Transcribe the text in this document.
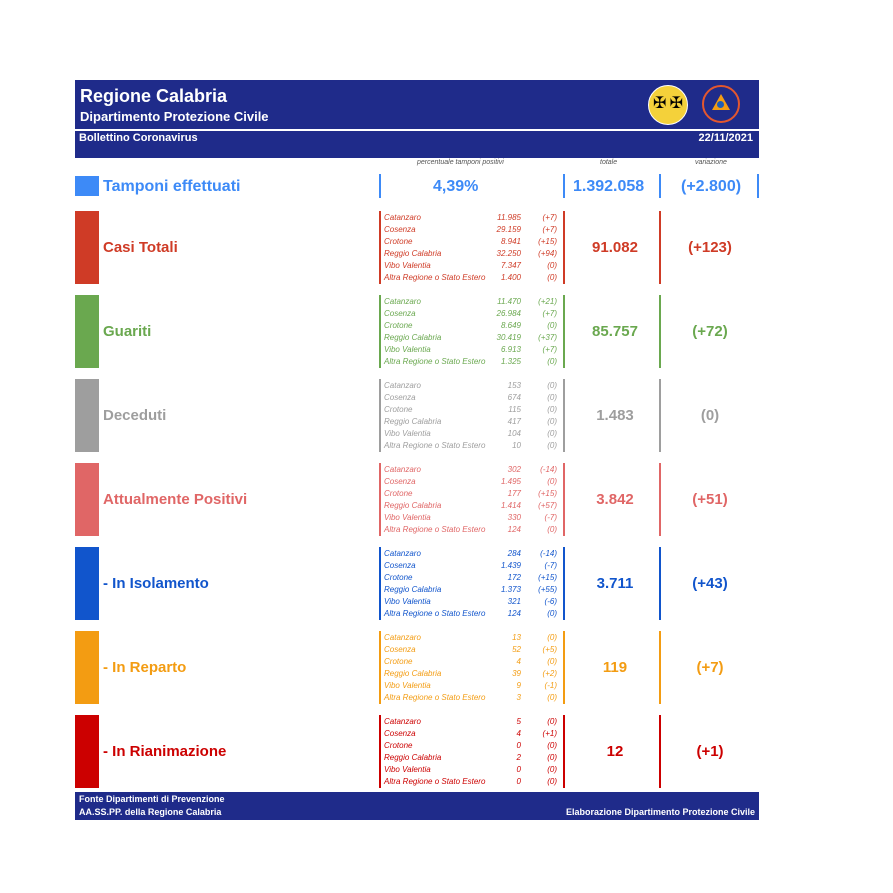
Regione Calabria
Dipartimento Protezione Civile
✠ ✠
Bollettino Coronavirus	22/11/2021
percentuale tamponi positivi	totale	variazione
Tamponi effettuati	4,39%	1.392.058 (+2.800)
Casi Totali
Catanzaro	11.985	(+7)
Cosenza	29.159	(+7)
Crotone	8.941 (+15)
Reggio Calabria	32.250 (+94)
Vibo Valentia	7.347	(0)
Altra Regione o Stato Estero 1.400	(0)
91.082	(+123)
Guariti
Catanzaro	11.470 (+21)
Cosenza	26.984	(+7)
Crotone	8.649	(0)
Reggio Calabria	30.419 (+37)
Vibo Valentia	6.913	(+7)
Altra Regione o Stato Estero 1.325	(0)
85.757	(+72)
Deceduti
Catanzaro	153	(0)
Cosenza	674	(0)
Crotone	115	(0)
Reggio Calabria	417	(0)
Vibo Valentia	104	(0)
Altra Regione o Stato Estero	10	(0)
1.483	(0)
Attualmente Positivi
Catanzaro	302 (-14)
Cosenza	1.495	(0)
Crotone	177 (+15)
Reggio Calabria	1.414 (+57)
Vibo Valentia	330	(-7)
Altra Regione o Stato Estero	124	(0)
3.842	(+51)
- In Isolamento
Catanzaro	284 (-14)
Cosenza	1.439	(-7)
Crotone	172 (+15)
Reggio Calabria	1.373 (+55)
Vibo Valentia	321	(-6)
Altra Regione o Stato Estero	124	(0)
3.711	(+43)
- In Reparto
Catanzaro	13	(0)
Cosenza	52	(+5)
Crotone	4	(0)
Reggio Calabria	39	(+2)
Vibo Valentia	9	(-1)
Altra Regione o Stato Estero	3	(0)
119	(+7)
- In Rianimazione
Catanzaro	5	(0)
Cosenza	4	(+1)
Crotone	0	(0)
Reggio Calabria	2	(0)
Vibo Valentia	0	(0)
Altra Regione o Stato Estero	0	(0)
12	(+1)
Fonte Dipartimenti di Prevenzione
AA.SS.PP. della Regione Calabria	Elaborazione Dipartimento Protezione Civile
